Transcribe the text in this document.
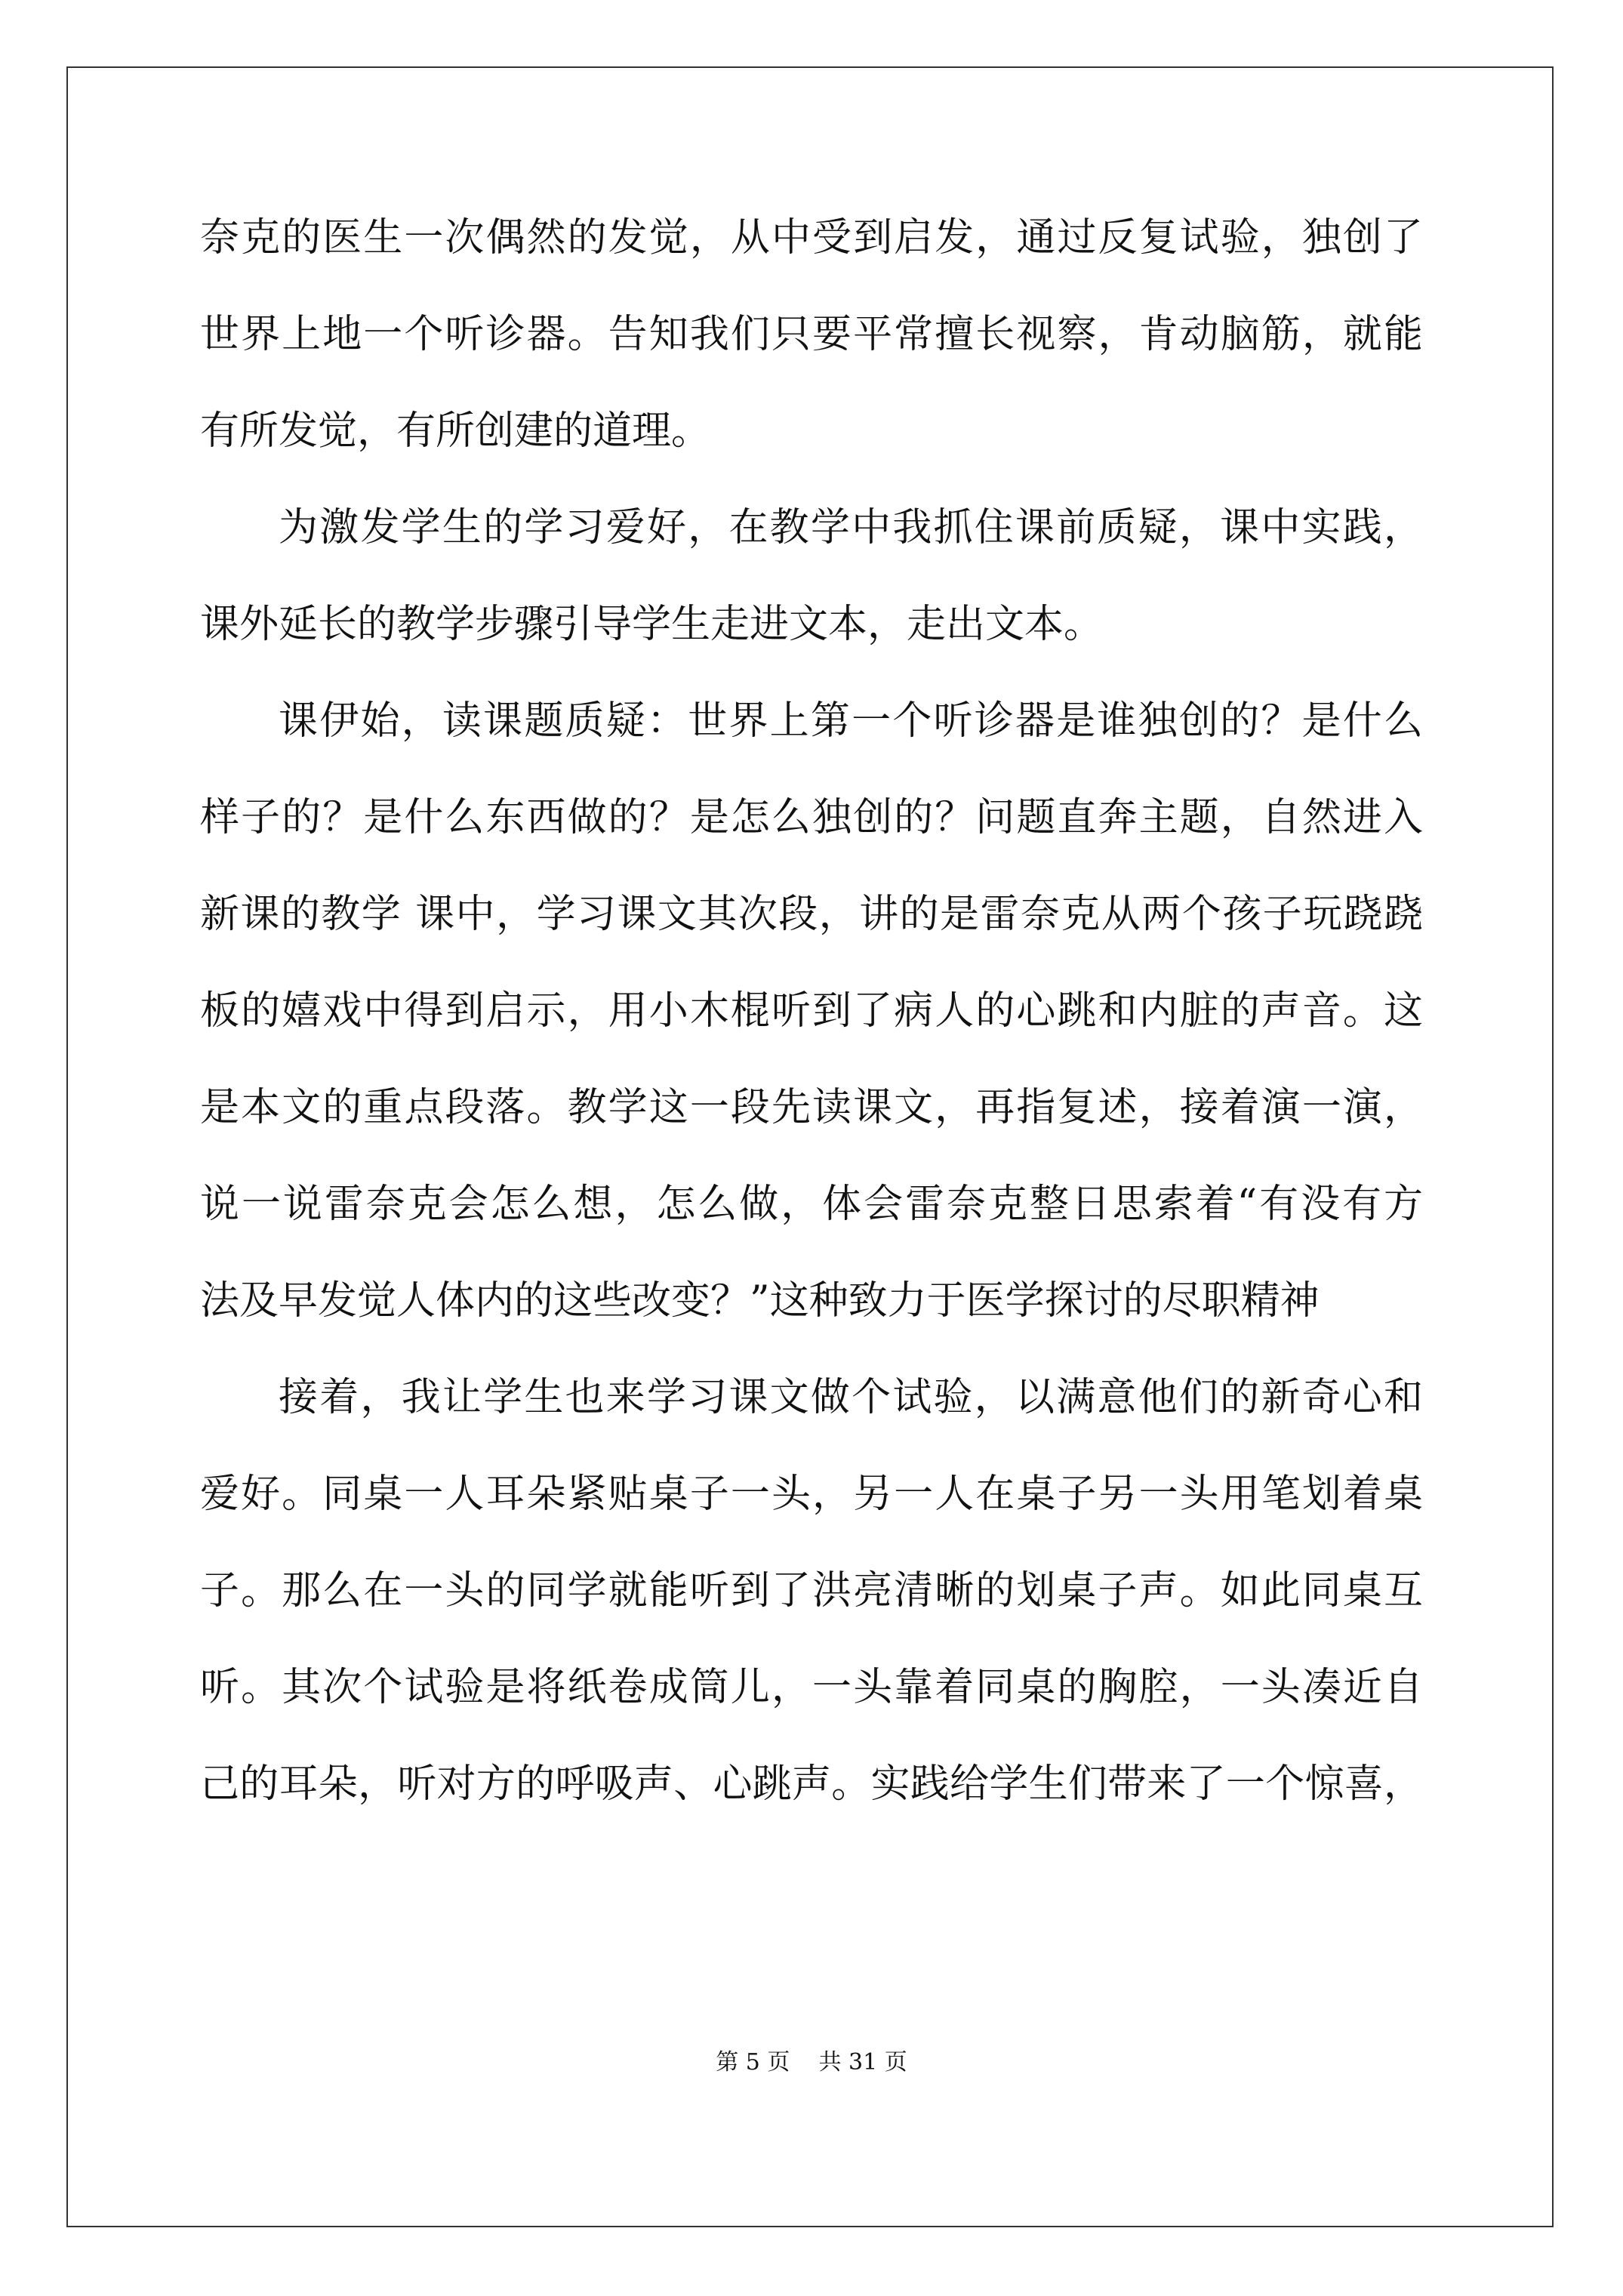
奈克的医生一次偶然的发觉，从中受到启发，通过反复试验，独创了
世界上地一个听诊器。告知我们只要平常擅长视察，肯动脑筋，就能
有所发觉，有所创建的道理。
为激发学生的学习爱好，在教学中我抓住课前质疑，课中实践，
课外延长的教学步骤引导学生走进文本，走出文本。
课伊始，读课题质疑：世界上第一个听诊器是谁独创的？是什么
样子的？是什么东西做的？是怎么独创的？问题直奔主题，自然进入
新课的教学 课中，学习课文其次段，讲的是雷奈克从两个孩子玩跷跷
板的嬉戏中得到启示，用小木棍听到了病人的心跳和内脏的声音。这
是本文的重点段落。教学这一段先读课文，再指复述，接着演一演，
说一说雷奈克会怎么想，怎么做，体会雷奈克整日思索着“有没有方
法及早发觉人体内的这些改变？”这种致力于医学探讨的尽职精神
接着，我让学生也来学习课文做个试验，以满意他们的新奇心和
爱好。同桌一人耳朵紧贴桌子一头，另一人在桌子另一头用笔划着桌
子。那么在一头的同学就能听到了洪亮清晰的划桌子声。如此同桌互
听。其次个试验是将纸卷成筒儿，一头靠着同桌的胸腔，一头凑近自
己的耳朵，听对方的呼吸声、心跳声。实践给学生们带来了一个惊喜，
第 5 页    共 31 页
